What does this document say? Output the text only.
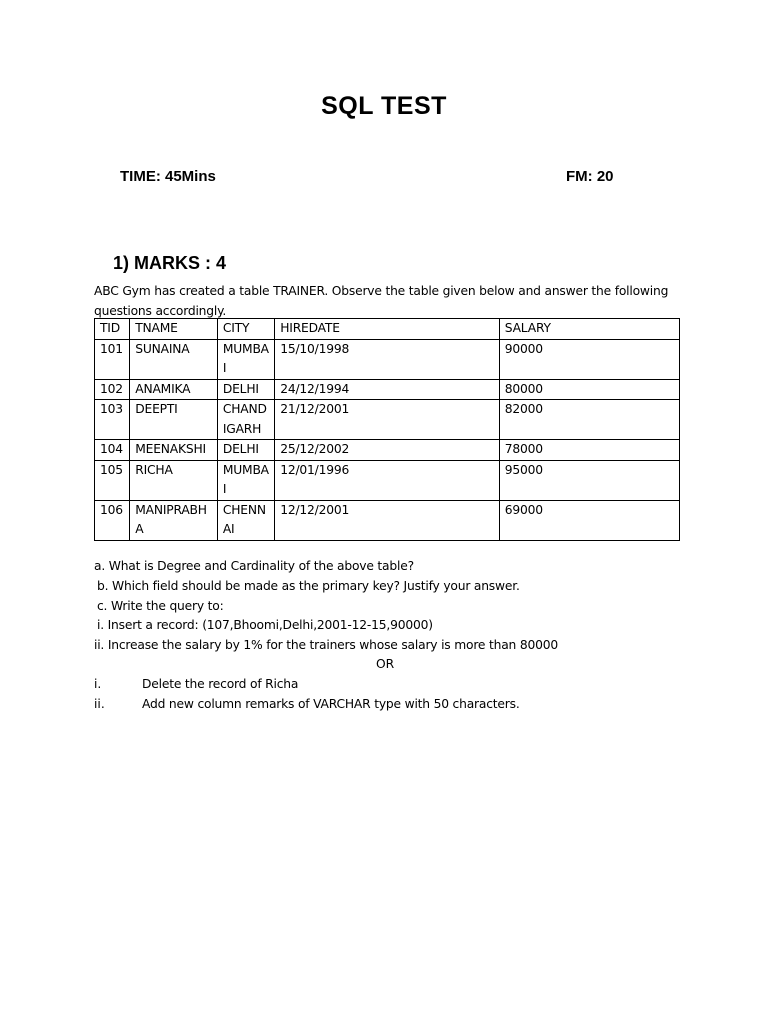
SQL TEST
TIME: 45Mins	FM: 20
1) MARKS : 4
ABC Gym has created a table TRAINER. Observe the table given below and answer the following questions accordingly.
TID	TNAME	CITY	HIREDATE	SALARY
101	SUNAINA	MUMBAI	15/10/1998	90000
102	ANAMIKA	DELHI	24/12/1994	80000
103	DEEPTI	CHANDIGARH	21/12/2001	82000
104	MEENAKSHI	DELHI	25/12/2002	78000
105	RICHA	MUMBAI	12/01/1996	95000
106	MANIPRABHA	CHENNAI	12/12/2001	69000
a. What is Degree and Cardinality of the above table?
b. Which field should be made as the primary key? Justify your answer.
c. Write the query to:
i. Insert a record: (107,Bhoomi,Delhi,2001-12-15,90000)
ii. Increase the salary by 1% for the trainers whose salary is more than 80000
OR
i.	Delete the record of Richa
ii.	Add new column remarks of VARCHAR type with 50 characters.
